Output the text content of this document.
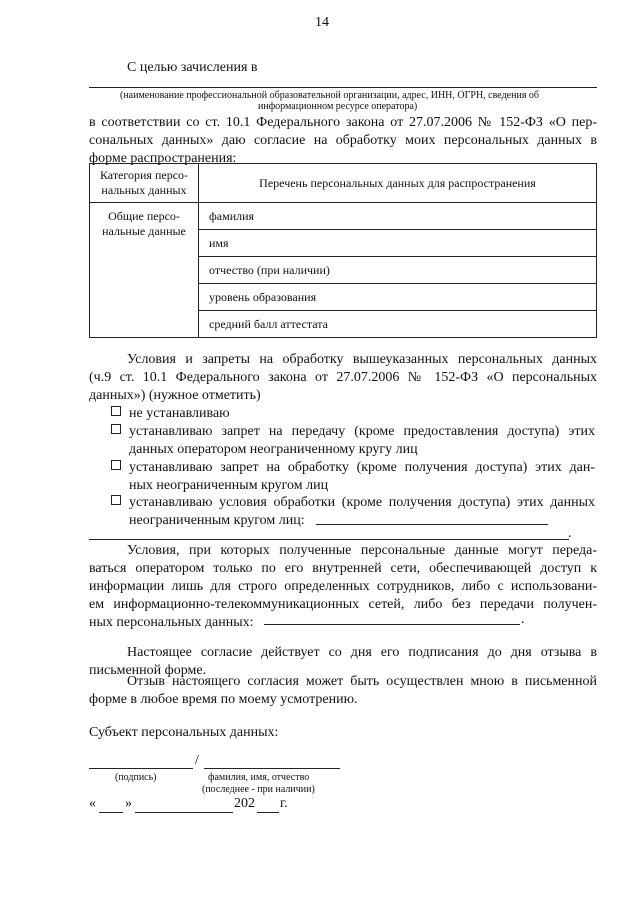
14
С целью зачисления в
(наименование профессиональной образовательной организации, адрес, ИНН, ОГРН, сведения об
информационном ресурсе оператора)
в соответствии со ст. 10.1 Федерального закона от 27.07.2006 № 152-ФЗ «О пер-
сональных данных» даю согласие на обработку моих персональных данных в
форме распространения:
Категория персо-нальных данных	Перечень персональных данных для распространения
Общие персо-нальные данные	фамилия
	имя
	отчество (при наличии)
	уровень образования
	средний балл аттестата
Условия и запреты на обработку вышеуказанных персональных данных
(ч.9 ст. 10.1 Федерального закона от 27.07.2006 № 152-ФЗ «О персональных
данных») (нужное отметить)
не устанавливаю
устанавливаю запрет на передачу (кроме предоставления доступа) этих
данных оператором неограниченному кругу лиц
устанавливаю запрет на обработку (кроме получения доступа) этих дан-
ных неограниченным кругом лиц
устанавливаю условия обработки (кроме получения доступа) этих данных
неограниченным кругом лиц:
.
Условия, при которых полученные персональные данные могут переда-
ваться оператором только по его внутренней сети, обеспечивающей доступ к
информации лишь для строго определенных сотрудников, либо с использовани-
ем информационно-телекоммуникационных сетей, либо без передачи получен-
ных персональных данных:	.
Настоящее согласие действует со дня его подписания до дня отзыва в
письменной форме.
Отзыв настоящего согласия может быть осуществлен мною в письменной
форме в любое время по моему усмотрению.
Субъект персональных данных:
/
(подпись)	фамилия, имя, отчество
(последнее - при наличии)
« »	202 г.
